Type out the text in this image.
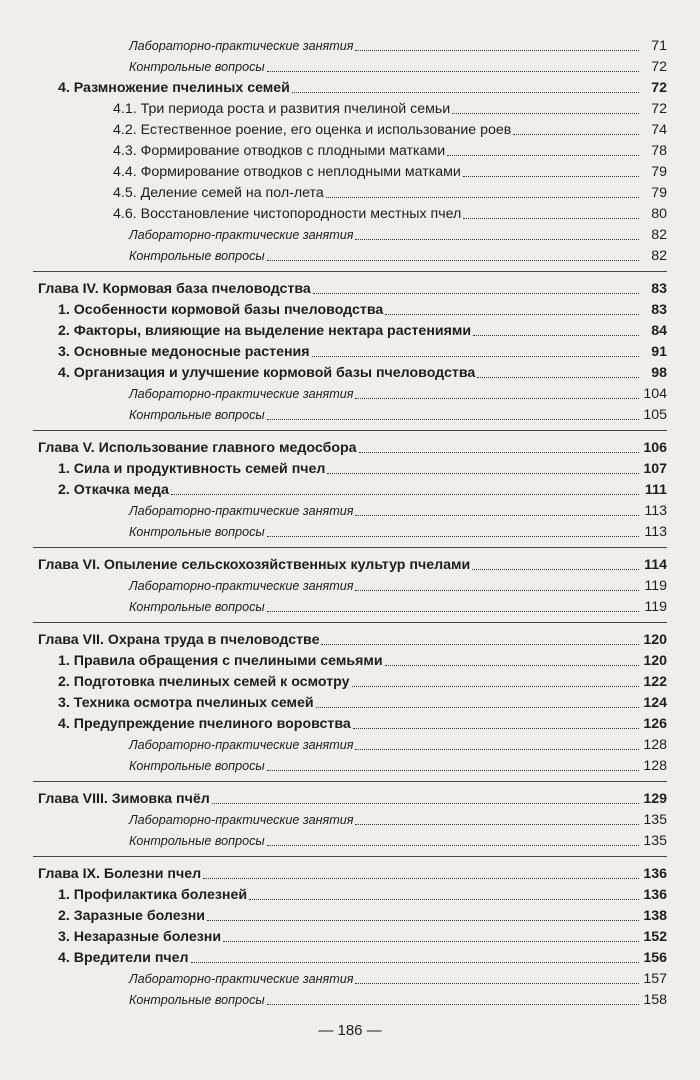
Лабораторно-практические занятия	71
Контрольные вопросы	72
4. Размножение пчелиных семей	72
4.1. Три периода роста и развития пчелиной семьи	72
4.2. Естественное роение, его оценка и использование роев	74
4.3. Формирование отводков с плодными матками	78
4.4. Формирование отводков с неплодными матками	79
4.5. Деление семей на пол-лета	79
4.6. Восстановление чистопородности местных пчел	80
Лабораторно-практические занятия	82
Контрольные вопросы	82
Глава IV. Кормовая база пчеловодства	83
1. Особенности кормовой базы пчеловодства	83
2. Факторы, влияющие на выделение нектара растениями	84
3. Основные медоносные растения	91
4. Организация и улучшение кормовой базы пчеловодства	98
Лабораторно-практические занятия	104
Контрольные вопросы	105
Глава V. Использование главного медосбора	106
1. Сила и продуктивность семей пчел	107
2. Откачка меда	111
Лабораторно-практические занятия	113
Контрольные вопросы	113
Глава VI. Опыление сельскохозяйственных культур пчелами	114
Лабораторно-практические занятия	119
Контрольные вопросы	119
Глава VII. Охрана труда в пчеловодстве	120
1. Правила обращения с пчелиными семьями	120
2. Подготовка пчелиных семей к осмотру	122
3. Техника осмотра пчелиных семей	124
4. Предупреждение пчелиного воровства	126
Лабораторно-практические занятия	128
Контрольные вопросы	128
Глава VIII. Зимовка пчёл	129
Лабораторно-практические занятия	135
Контрольные вопросы	135
Глава IX. Болезни пчел	136
1. Профилактика болезней	136
2. Заразные болезни	138
3. Незаразные болезни	152
4. Вредители пчел	156
Лабораторно-практические занятия	157
Контрольные вопросы	158
— 186 —
